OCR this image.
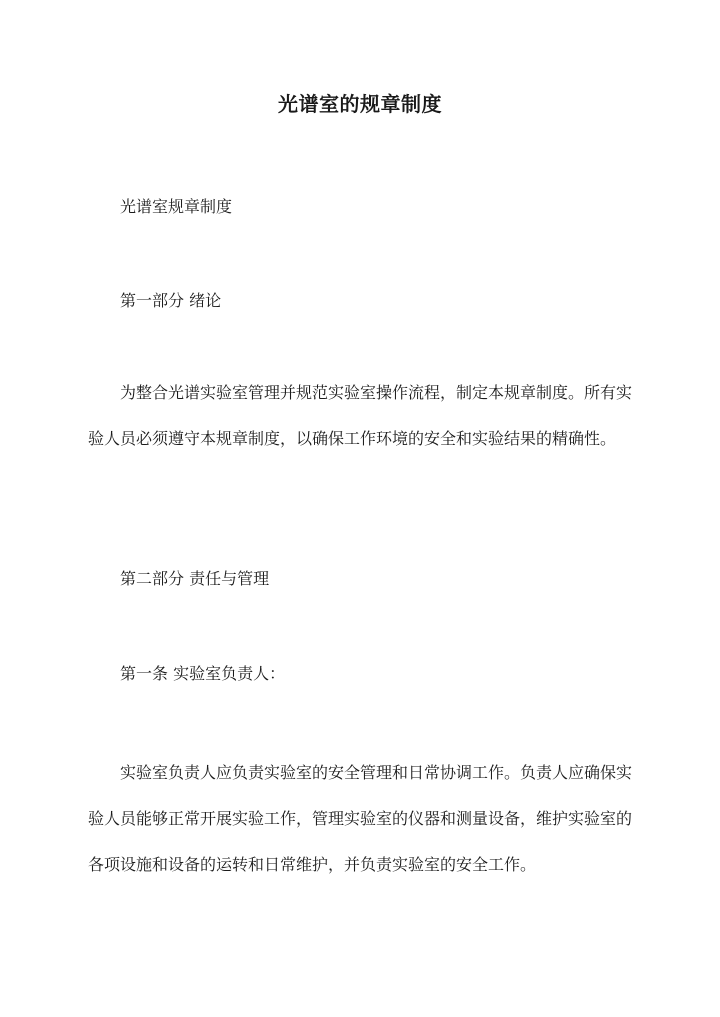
光谱室的规章制度

光谱室规章制度

第一部分 绪论

为整合光谱实验室管理并规范实验室操作流程，制定本规章制度。所有实验人员必须遵守本规章制度，以确保工作环境的安全和实验结果的精确性。

第二部分 责任与管理

第一条 实验室负责人：

实验室负责人应负责实验室的安全管理和日常协调工作。负责人应确保实验人员能够正常开展实验工作，管理实验室的仪器和测量设备，维护实验室的各项设施和设备的运转和日常维护，并负责实验室的安全工作。
